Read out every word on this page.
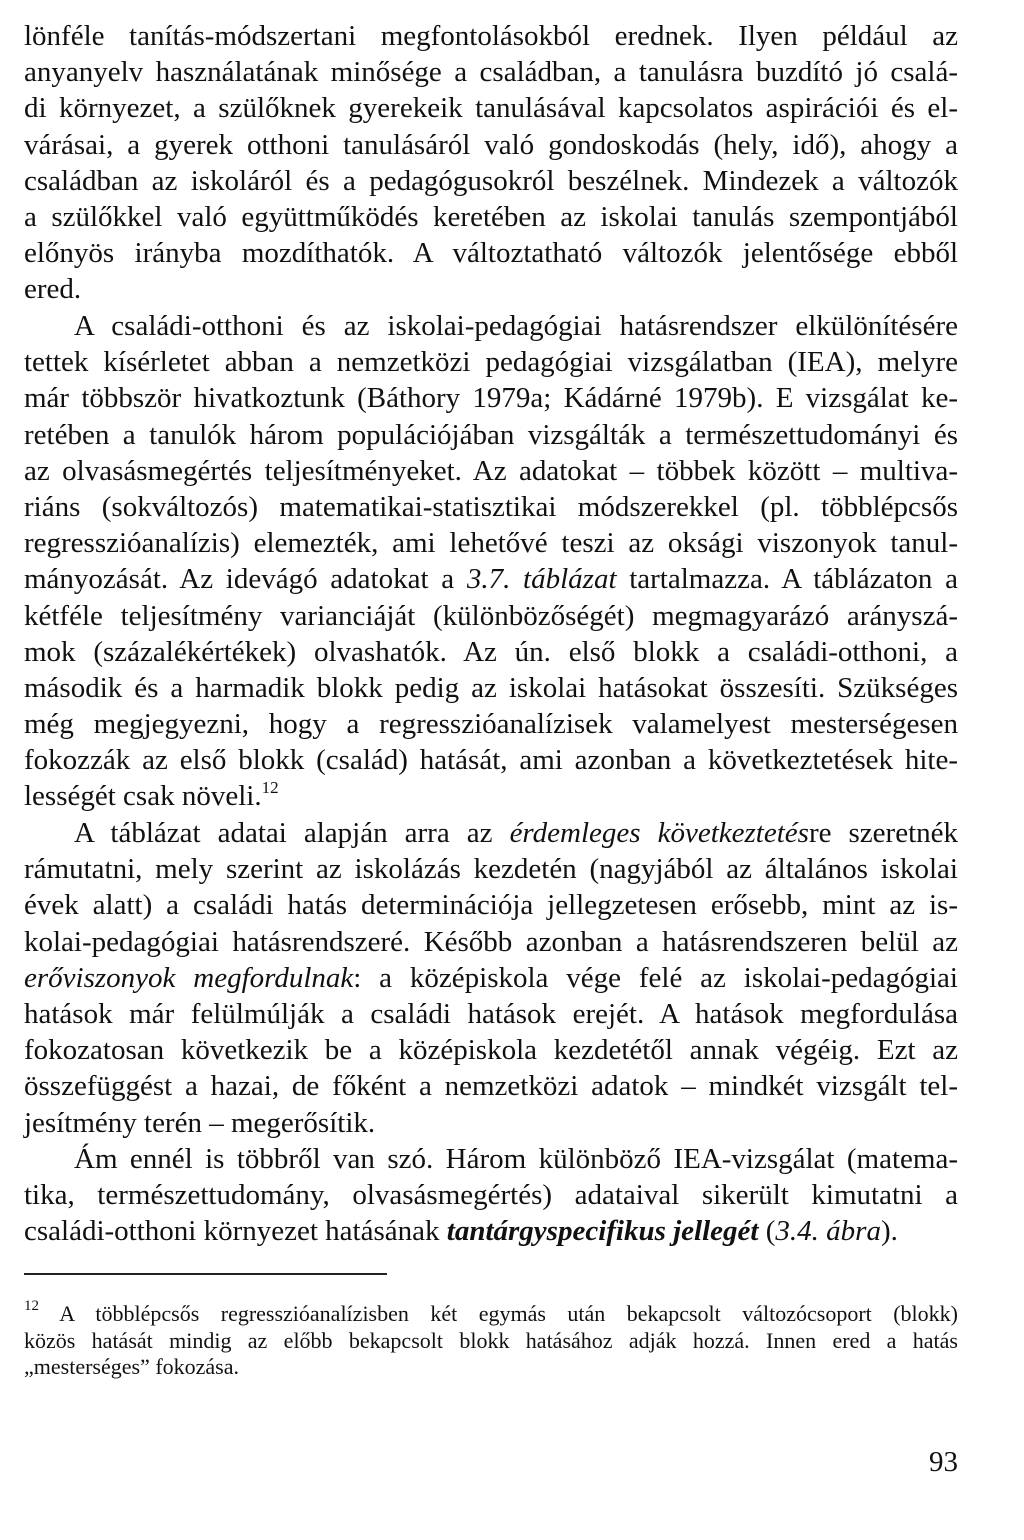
lönféle tanítás-módszertani megfontolásokból erednek. Ilyen például az
anyanyelv használatának minősége a családban, a tanulásra buzdító jó csalá-
di környezet, a szülőknek gyerekeik tanulásával kapcsolatos aspirációi és el-
várásai, a gyerek otthoni tanulásáról való gondoskodás (hely, idő), ahogy a
családban az iskoláról és a pedagógusokról beszélnek. Mindezek a változók
a szülőkkel való együttműködés keretében az iskolai tanulás szempontjából
előnyös irányba mozdíthatók. A változtatható változók jelentősége ebből
ered.
A családi-otthoni és az iskolai-pedagógiai hatásrendszer elkülönítésére
tettek kísérletet abban a nemzetközi pedagógiai vizsgálatban (IEA), melyre
már többször hivatkoztunk (Báthory 1979a; Kádárné 1979b). E vizsgálat ke-
retében a tanulók három populációjában vizsgálták a természettudományi és
az olvasásmegértés teljesítményeket. Az adatokat – többek között – multiva-
riáns (sokváltozós) matematikai-statisztikai módszerekkel (pl. többlépcsős
regresszióanalízis) elemezték, ami lehetővé teszi az oksági viszonyok tanul-
mányozását. Az idevágó adatokat a 3.7. táblázat tartalmazza. A táblázaton a
kétféle teljesítmény varianciáját (különbözőségét) megmagyarázó arányszá-
mok (százalékértékek) olvashatók. Az ún. első blokk a családi-otthoni, a
második és a harmadik blokk pedig az iskolai hatásokat összesíti. Szükséges
még megjegyezni, hogy a regresszióanalízisek valamelyest mesterségesen
fokozzák az első blokk (család) hatását, ami azonban a következtetések hite-
lességét csak növeli.$^{12}$
A táblázat adatai alapján arra az érdemleges következtetésre szeretnék
rámutatni, mely szerint az iskolázás kezdetén (nagyjából az általános iskolai
évek alatt) a családi hatás determinációja jellegzetesen erősebb, mint az is-
kolai-pedagógiai hatásrendszeré. Később azonban a hatásrendszeren belül az
erőviszonyok megfordulnak: a középiskola vége felé az iskolai-pedagógiai
hatások már felülmúlják a családi hatások erejét. A hatások megfordulása
fokozatosan következik be a középiskola kezdetétől annak végéig. Ezt az
összefüggést a hazai, de főként a nemzetközi adatok – mindkét vizsgált tel-
jesítmény terén – megerősítik.
Ám ennél is többről van szó. Három különböző IEA-vizsgálat (matema-
tika, természettudomány, olvasásmegértés) adataival sikerült kimutatni a
családi-otthoni környezet hatásának tantárgyspecifikus jellegét (3.4. ábra).
$^{12}$ A többlépcsős regresszióanalízisben két egymás után bekapcsolt változócsoport (blokk)
közös hatását mindig az előbb bekapcsolt blokk hatásához adják hozzá. Innen ered a hatás
„mesterséges” fokozása.
93
